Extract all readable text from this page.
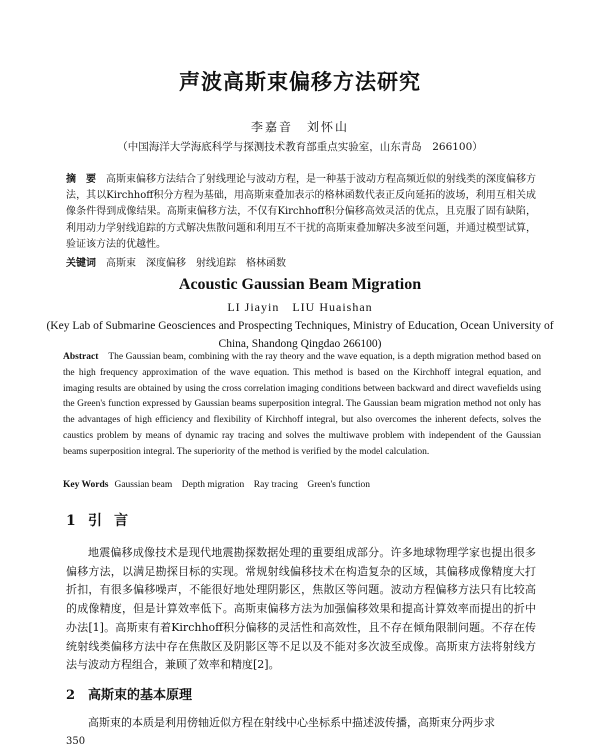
声波高斯束偏移方法研究
李嘉音　刘怀山
（中国海洋大学海底科学与探测技术教育部重点实验室，山东青岛　266100）
摘　要 高斯束偏移方法结合了射线理论与波动方程，是一种基于波动方程高频近似的射线类的深度偏移方法，其以Kirchhoff积分方程为基础，用高斯束叠加表示的格林函数代表正反向延拓的波场，利用互相关成像条件得到成像结果。高斯束偏移方法，不仅有Kirchhoff积分偏移高效灵活的优点，且克服了固有缺陷，利用动力学射线追踪的方式解决焦散问题和利用互不干扰的高斯束叠加解决多波至问题，并通过模型试算，验证该方法的优越性。
关键词 高斯束　深度偏移　射线追踪　格林函数
Acoustic Gaussian Beam Migration
LI Jiayin　LIU Huaishan
(Key Lab of Submarine Geosciences and Prospecting Techniques, Ministry of Education, Ocean University of China, Shandong Qingdao 266100)
Abstract The Gaussian beam, combining with the ray theory and the wave equation, is a depth migration method based on the high frequency approximation of the wave equation. This method is based on the Kirchhoff integral equation, and imaging results are obtained by using the cross correlation imaging conditions between backward and direct wavefields using the Green's function expressed by Gaussian beams superposition integral. The Gaussian beam migration method not only has the advantages of high efficiency and flexibility of Kirchhoff integral, but also overcomes the inherent defects, solves the caustics problem by means of dynamic ray tracing and solves the multiwave problem with independent of the Gaussian beams superposition integral. The superiority of the method is verified by the model calculation.
Key Words Gaussian beam　Depth migration　Ray tracing　Green's function
1 引言
地震偏移成像技术是现代地震勘探数据处理的重要组成部分。许多地球物理学家也提出很多偏移方法，以满足勘探目标的实现。常规射线偏移技术在构造复杂的区域，其偏移成像精度大打折扣，有很多偏移噪声，不能很好地处理阴影区，焦散区等问题。波动方程偏移方法只有比较高的成像精度，但是计算效率低下。高斯束偏移方法为加强偏移效果和提高计算效率而提出的折中办法[1]。高斯束有着Kirchhoff积分偏移的灵活性和高效性，且不存在倾角限制问题。不存在传统射线类偏移方法中存在焦散区及阴影区等不足以及不能对多次波至成像。高斯束方法将射线方法与波动方程组合，兼顾了效率和精度[2]。
2 高斯束的基本原理
高斯束的本质是利用傍轴近似方程在射线中心坐标系中描述波传播，高斯束分两步求
350
